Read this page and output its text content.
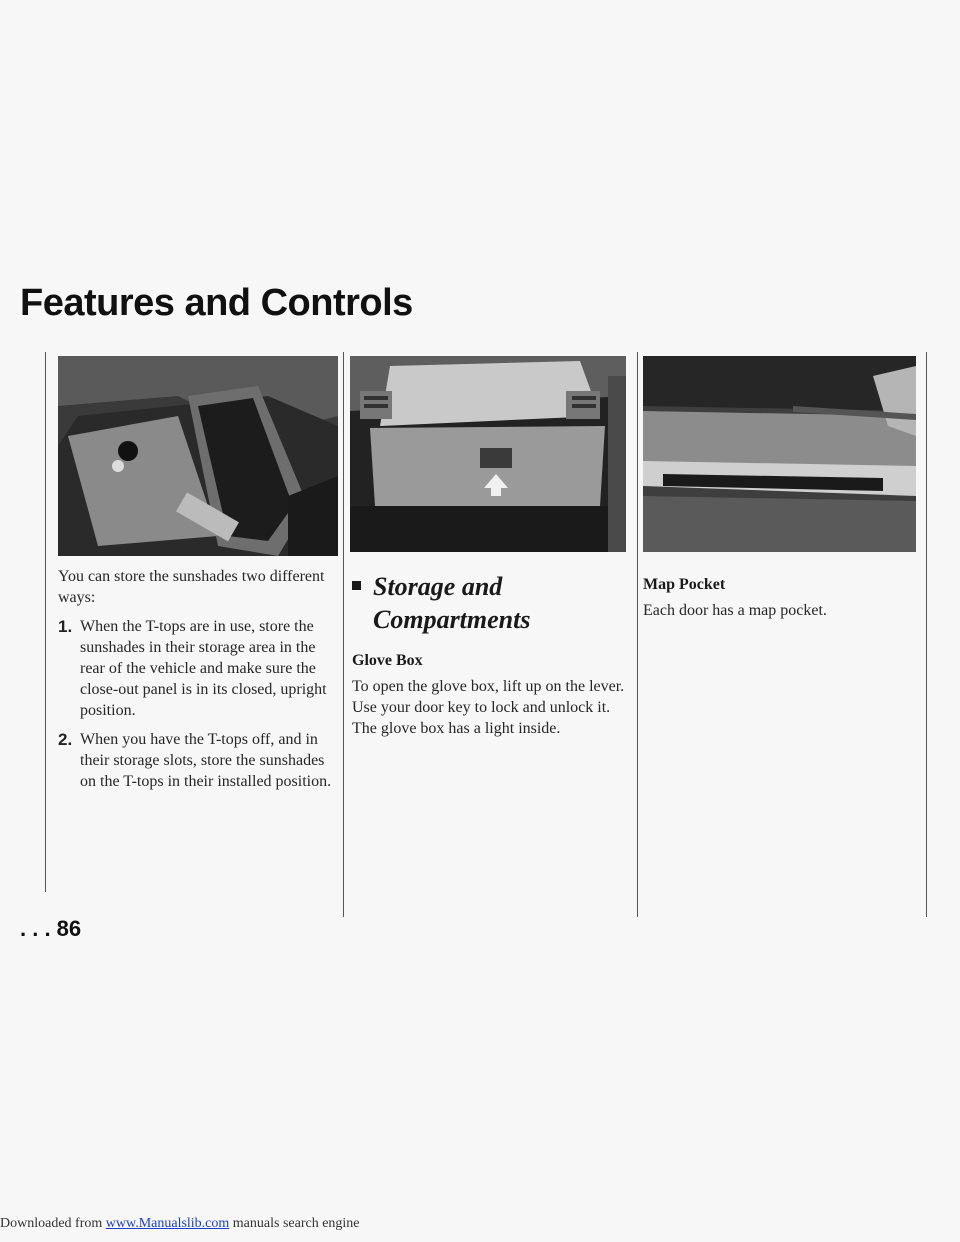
Features and Controls

You can store the sunshades two different ways:

1. When the T-tops are in use, store the sunshades in their storage area in the rear of the vehicle and make sure the close-out panel is in its closed, upright position.
2. When you have the T-tops off, and in their storage slots, store the sunshades on the T-tops in their installed position.
Storage and
Compartments
Glove Box

To open the glove box, lift up on the lever. Use your door key to lock and unlock it. The glove box has a light inside.

Map Pocket

Each door has a map pocket.

. . . 86
Downloaded from www.Manualslib.com manuals search engine
